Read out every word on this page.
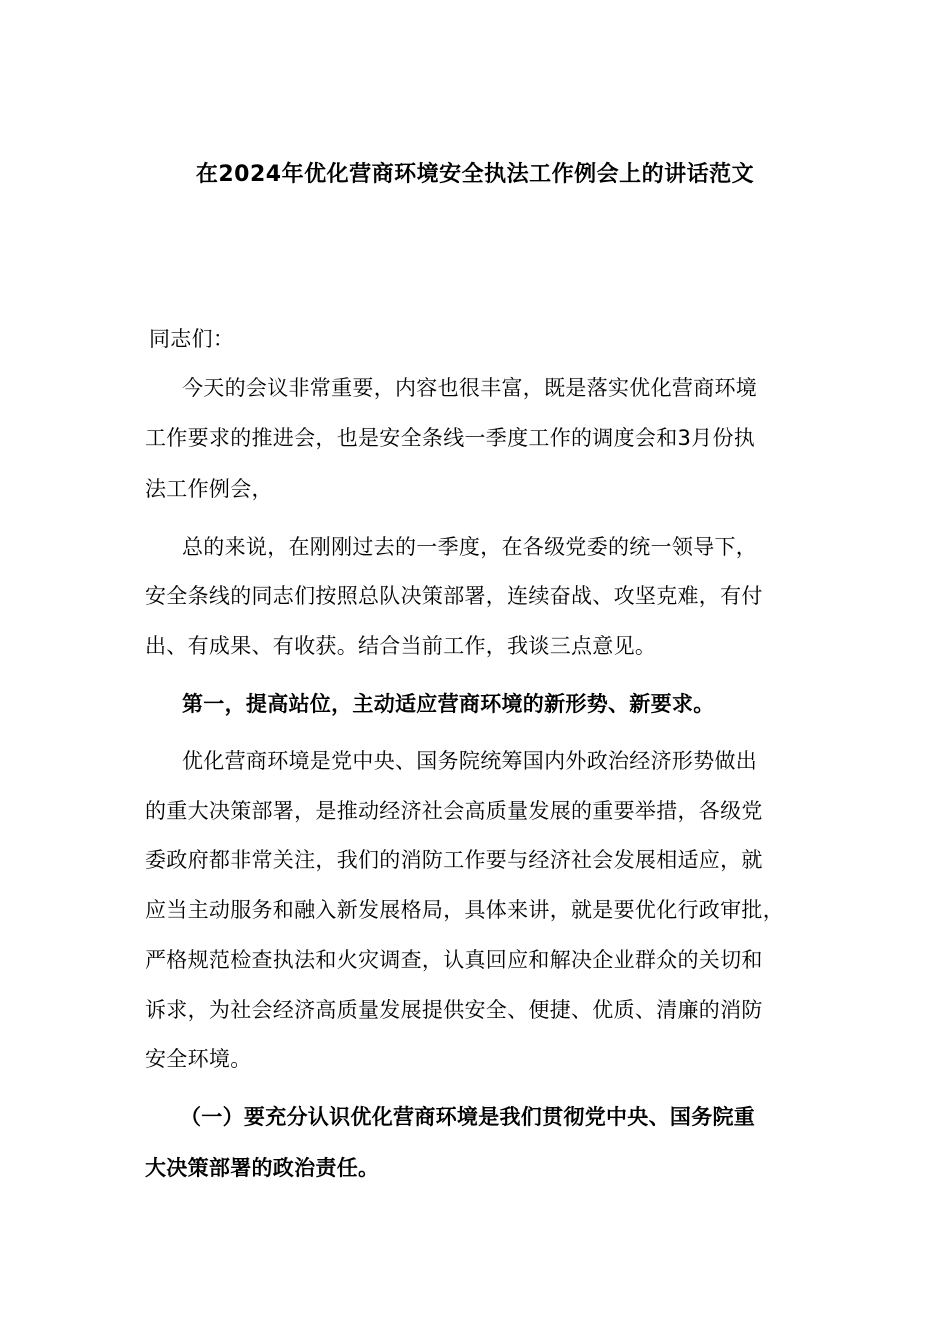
在2024年优化营商环境安全执法工作例会上的讲话范文
同志们：
今天的会议非常重要，内容也很丰富，既是落实优化营商环境
工作要求的推进会，也是安全条线一季度工作的调度会和3月份执
法工作例会，
总的来说，在刚刚过去的一季度，在各级党委的统一领导下，
安全条线的同志们按照总队决策部署，连续奋战、攻坚克难，有付
出、有成果、有收获。结合当前工作，我谈三点意见。
第一，提高站位，主动适应营商环境的新形势、新要求。
优化营商环境是党中央、国务院统筹国内外政治经济形势做出
的重大决策部署，是推动经济社会高质量发展的重要举措，各级党
委政府都非常关注，我们的消防工作要与经济社会发展相适应，就
应当主动服务和融入新发展格局，具体来讲，就是要优化行政审批，
严格规范检查执法和火灾调查，认真回应和解决企业群众的关切和
诉求，为社会经济高质量发展提供安全、便捷、优质、清廉的消防
安全环境。
（一）要充分认识优化营商环境是我们贯彻党中央、国务院重
大决策部署的政治责任。
